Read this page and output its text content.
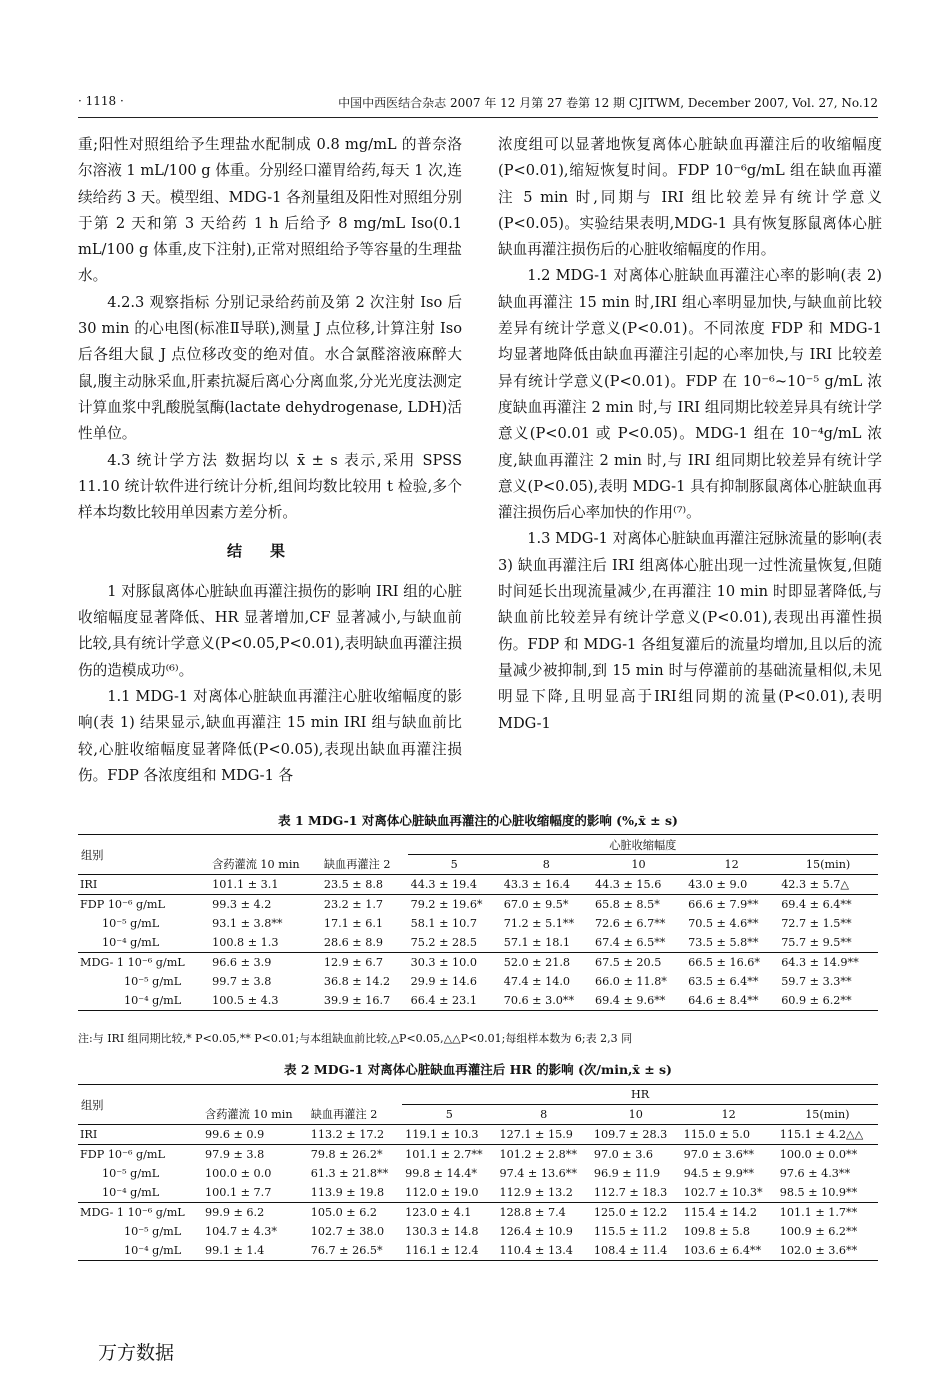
· 1118 ·	中国中西医结合杂志 2007 年 12 月第 27 卷第 12 期 CJITWM, December 2007, Vol. 27, No.12

重;阳性对照组给予生理盐水配制成 0.8 mg/mL 的普奈洛尔溶液 1 mL/100 g 体重。分别经口灌胃给药,每天 1 次,连续给药 3 天。模型组、MDG-1 各剂量组及阳性对照组分别于第 2 天和第 3 天给药 1 h 后给予 8 mg/mL Iso(0.1 mL/100 g 体重,皮下注射),正常对照组给予等容量的生理盐水。

4.2.3 观察指标 分别记录给药前及第 2 次注射 Iso 后 30 min 的心电图(标准Ⅱ导联),测量 J 点位移,计算注射 Iso 后各组大鼠 J 点位移改变的绝对值。水合氯醛溶液麻醉大鼠,腹主动脉采血,肝素抗凝后离心分离血浆,分光光度法测定计算血浆中乳酸脱氢酶(lactate dehydrogenase, LDH)活性单位。

4.3 统计学方法 数据均以 x̄ ± s 表示,采用 SPSS 11.10 统计软件进行统计分析,组间均数比较用 t 检验,多个样本均数比较用单因素方差分析。

结果

1 对豚鼠离体心脏缺血再灌注损伤的影响 IRI 组的心脏收缩幅度显著降低、HR 显著增加,CF 显著减小,与缺血前比较,具有统计学意义(P<0.05,P<0.01),表明缺血再灌注损伤的造模成功⁽⁶⁾。

1.1 MDG-1 对离体心脏缺血再灌注心脏收缩幅度的影响(表 1) 结果显示,缺血再灌注 15 min IRI 组与缺血前比较,心脏收缩幅度显著降低(P<0.05),表现出缺血再灌注损伤。FDP 各浓度组和 MDG-1 各

浓度组可以显著地恢复离体心脏缺血再灌注后的收缩幅度(P<0.01),缩短恢复时间。FDP 10⁻⁶g/mL 组在缺血再灌注 5 min 时,同期与 IRI 组比较差异有统计学意义(P<0.05)。实验结果表明,MDG-1 具有恢复豚鼠离体心脏缺血再灌注损伤后的心脏收缩幅度的作用。

1.2 MDG-1 对离体心脏缺血再灌注心率的影响(表 2) 缺血再灌注 15 min 时,IRI 组心率明显加快,与缺血前比较差异有统计学意义(P<0.01)。不同浓度 FDP 和 MDG-1 均显著地降低由缺血再灌注引起的心率加快,与 IRI 比较差异有统计学意义(P<0.01)。FDP 在 10⁻⁶~10⁻⁵ g/mL 浓度缺血再灌注 2 min 时,与 IRI 组同期比较差异具有统计学意义(P<0.01 或 P<0.05)。MDG-1 组在 10⁻⁴g/mL 浓度,缺血再灌注 2 min 时,与 IRI 组同期比较差异有统计学意义(P<0.05),表明 MDG-1 具有抑制豚鼠离体心脏缺血再灌注损伤后心率加快的作用⁽⁷⁾。

1.3 MDG-1 对离体心脏缺血再灌注冠脉流量的影响(表 3) 缺血再灌注后 IRI 组离体心脏出现一过性流量恢复,但随时间延长出现流量减少,在再灌注 10 min 时即显著降低,与缺血前比较差异有统计学意义(P<0.01),表现出再灌性损伤。FDP 和 MDG-1 各组复灌后的流量均增加,且以后的流量减少被抑制,到 15 min 时与停灌前的基础流量相似,未见明显下降,且明显高于IRI组同期的流量(P<0.01),表明MDG-1

表 1 MDG-1 对离体心脏缺血再灌注的心脏收缩幅度的影响 (%,x̄ ± s)
组别			心脏收缩幅度				
	含药灌流 10 min	缺血再灌注 2	5	8	10	12	15(min)
IRI	101.1 ± 3.1	23.5 ± 8.8	44.3 ± 19.4	43.3 ± 16.4	44.3 ± 15.6	43.0 ± 9.0	42.3 ± 5.7△
FDP 10⁻⁶ g/mL	99.3 ± 4.2	23.2 ± 1.7	79.2 ± 19.6*	67.0 ± 9.5*	65.8 ± 8.5*	66.6 ± 7.9**	69.4 ± 6.4**
10⁻⁵ g/mL	93.1 ± 3.8**	17.1 ± 6.1	58.1 ± 10.7	71.2 ± 5.1**	72.6 ± 6.7**	70.5 ± 4.6**	72.7 ± 1.5**
10⁻⁴ g/mL	100.8 ± 1.3	28.6 ± 8.9	75.2 ± 28.5	57.1 ± 18.1	67.4 ± 6.5**	73.5 ± 5.8**	75.7 ± 9.5**
MDG- 1 10⁻⁶ g/mL	96.6 ± 3.9	12.9 ± 6.7	30.3 ± 10.0	52.0 ± 21.8	67.5 ± 20.5	66.5 ± 16.6*	64.3 ± 14.9**
10⁻⁵ g/mL	99.7 ± 3.8	36.8 ± 14.2	29.9 ± 14.6	47.4 ± 14.0	66.0 ± 11.8*	63.5 ± 6.4**	59.7 ± 3.3**
10⁻⁴ g/mL	100.5 ± 4.3	39.9 ± 16.7	66.4 ± 23.1	70.6 ± 3.0**	69.4 ± 9.6**	64.6 ± 8.4**	60.9 ± 6.2**
注:与 IRI 组同期比较,* P<0.05,** P<0.01;与本组缺血前比较,△P<0.05,△△P<0.01;每组样本数为 6;表 2,3 同
表 2 MDG-1 对离体心脏缺血再灌注后 HR 的影响 (次/min,x̄ ± s)
组别			HR				
	含药灌流 10 min	缺血再灌注 2	5	8	10	12	15(min)
IRI	99.6 ± 0.9	113.2 ± 17.2	119.1 ± 10.3	127.1 ± 15.9	109.7 ± 28.3	115.0 ± 5.0	115.1 ± 4.2△△
FDP 10⁻⁶ g/mL	97.9 ± 3.8	79.8 ± 26.2*	101.1 ± 2.7**	101.2 ± 2.8**	97.0 ± 3.6	97.0 ± 3.6**	100.0 ± 0.0**
10⁻⁵ g/mL	100.0 ± 0.0	61.3 ± 21.8**	99.8 ± 14.4*	97.4 ± 13.6**	96.9 ± 11.9	94.5 ± 9.9**	97.6 ± 4.3**
10⁻⁴ g/mL	100.1 ± 7.7	113.9 ± 19.8	112.0 ± 19.0	112.9 ± 13.2	112.7 ± 18.3	102.7 ± 10.3*	98.5 ± 10.9**
MDG- 1 10⁻⁶ g/mL	99.9 ± 6.2	105.0 ± 6.2	123.0 ± 4.1	128.8 ± 7.4	125.0 ± 12.2	115.4 ± 14.2	101.1 ± 1.7**
10⁻⁵ g/mL	104.7 ± 4.3*	102.7 ± 38.0	130.3 ± 14.8	126.4 ± 10.9	115.5 ± 11.2	109.8 ± 5.8	100.9 ± 6.2**
10⁻⁴ g/mL	99.1 ± 1.4	76.7 ± 26.5*	116.1 ± 12.4	110.4 ± 13.4	108.4 ± 11.4	103.6 ± 6.4**	102.0 ± 3.6**
万方数据
